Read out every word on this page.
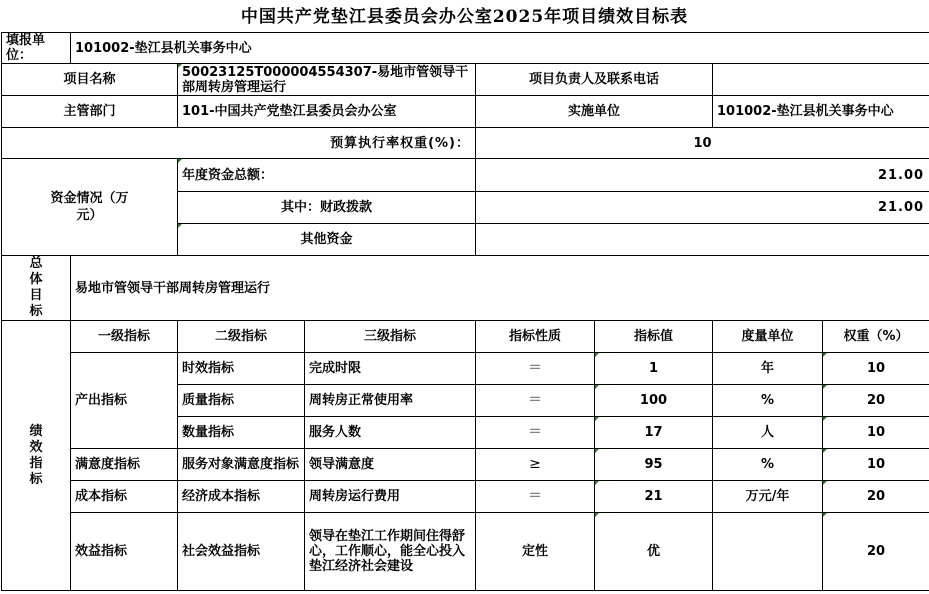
中国共产党垫江县委员会办公室2025年项目绩效目标表
填报单位：	101002-垫江县机关事务中心						
项目名称		50023125T000004554307-易地市管领导干部周转房管理运行		项目负责人及联系电话			
主管部门		101-中国共产党垫江县委员会办公室		实施单位		101002-垫江县机关事务中心	
预算执行率权重(%)：				10			

资金情况（万元）		年度资金总额：		21.00			
		其中：财政拨款		21.00			
		其他资金					

总体目标	易地市管领导干部周转房管理运行						

绩效指标	一级指标	二级指标	三级指标	指标性质	指标值	度量单位	权重（%）
	产出指标	时效指标	完成时限	＝	1	年	10
		质量指标	周转房正常使用率	＝	100	%	20
		数量指标	服务人数	＝	17	人	10
	满意度指标	服务对象满意度指标	领导满意度	≥	95	%	10
	成本指标	经济成本指标	周转房运行费用	＝	21	万元/年	20
	效益指标	社会效益指标	领导在垫江工作期间住得舒心，工作顺心，能全心投入垫江经济社会建设	定性	优		20
